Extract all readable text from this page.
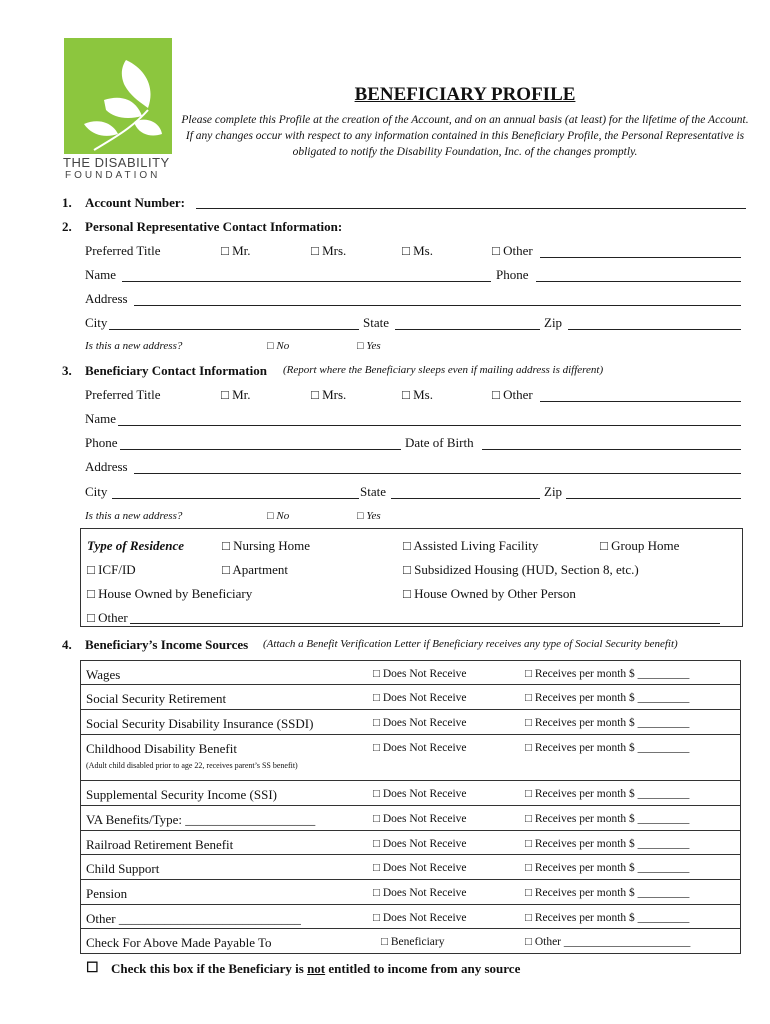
THE DISABILITY
FOUNDATION
BENEFICIARY PROFILE
Please complete this Profile at the creation of the Account, and on an annual basis (at least) for the lifetime of the Account. If any changes occur with respect to any information contained in this Beneficiary Profile, the Personal Representative is obligated to notify the Disability Foundation, Inc. of the changes promptly.
1. Account Number:
2. Personal Representative Contact Information:
Preferred Title	□ Mr.	□ Mrs.	□ Ms.	□ Other
Name	Phone
Address
City	State	Zip
Is this a new address?	□ No	□ Yes
3. Beneficiary Contact Information (Report where the Beneficiary sleeps even if mailing address is different)
Preferred Title	□ Mr.	□ Mrs.	□ Ms.	□ Other
Name
Phone	Date of Birth
Address
City	State	Zip
Is this a new address?	□ No	□ Yes
Type of Residence	□ Nursing Home	□ Assisted Living Facility	□ Group Home
□ ICF/ID	□ Apartment	□ Subsidized Housing (HUD, Section 8, etc.)
□ House Owned by Beneficiary	□ House Owned by Other Person
□ Other
4. Beneficiary’s Income Sources (Attach a Benefit Verification Letter if Beneficiary receives any type of Social Security benefit)
Wages	□ Does Not Receive	□ Receives per month $ _________
Social Security Retirement	□ Does Not Receive	□ Receives per month $ _________
Social Security Disability Insurance (SSDI)	□ Does Not Receive	□ Receives per month $ _________
Childhood Disability Benefit	□ Does Not Receive	□ Receives per month $ _________
(Adult child disabled prior to age 22, receives parent’s SS benefit)
Supplemental Security Income (SSI)	□ Does Not Receive	□ Receives per month $ _________
VA Benefits/Type: ____________________	□ Does Not Receive	□ Receives per month $ _________
Railroad Retirement Benefit	□ Does Not Receive	□ Receives per month $ _________
Child Support	□ Does Not Receive	□ Receives per month $ _________
Pension	□ Does Not Receive	□ Receives per month $ _________
Other ____________________________	□ Does Not Receive	□ Receives per month $ _________
Check For Above Made Payable To	□ Beneficiary	□ Other ______________________
☐ Check this box if the Beneficiary is not entitled to income from any source
